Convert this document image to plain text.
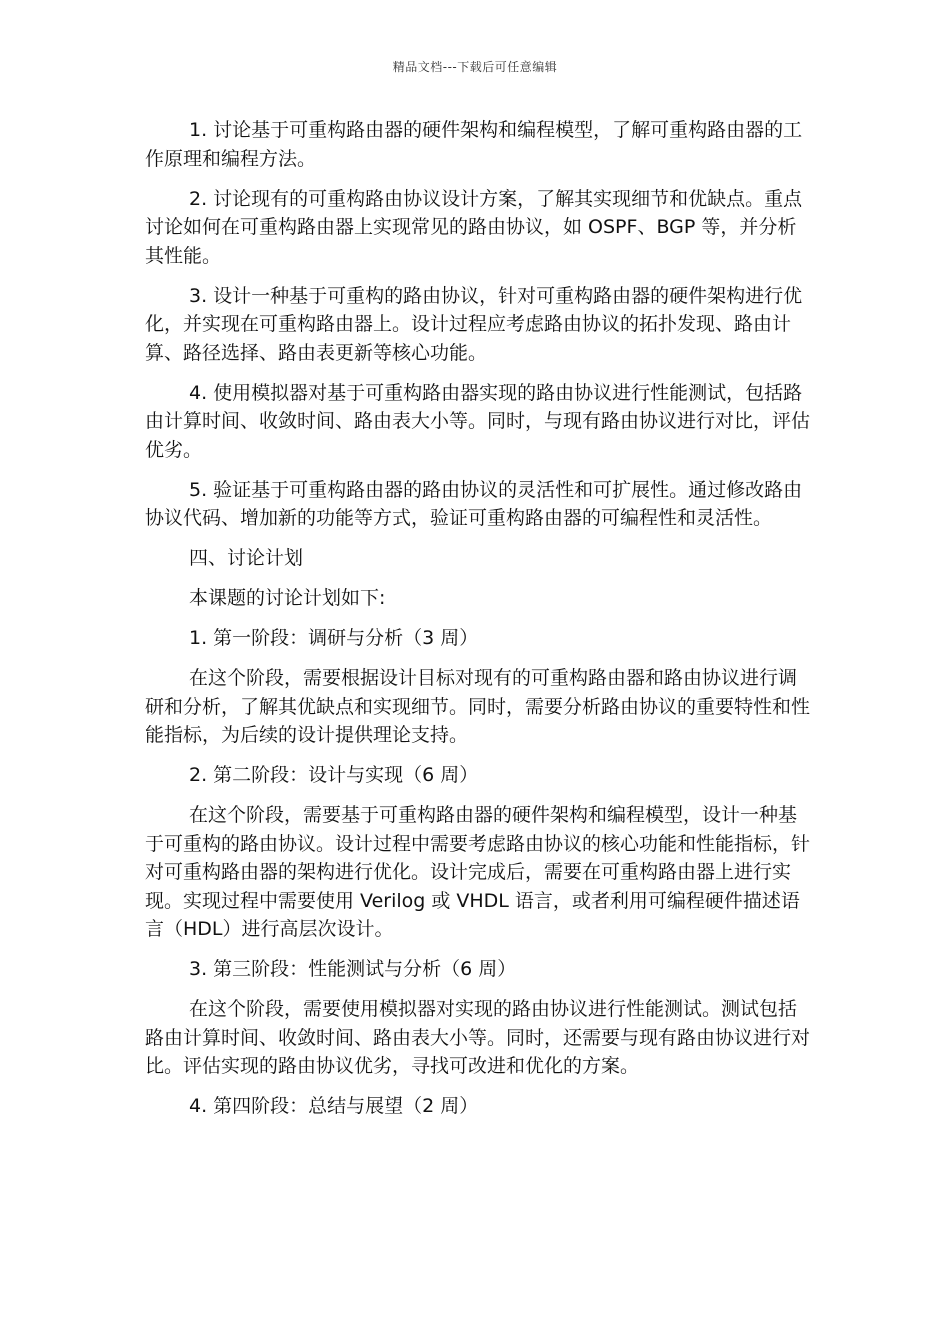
精品文档---下载后可任意编辑

1. 讨论基于可重构路由器的硬件架构和编程模型，了解可重构路由器的工作原理和编程方法。

2. 讨论现有的可重构路由协议设计方案，了解其实现细节和优缺点。重点讨论如何在可重构路由器上实现常见的路由协议，如 OSPF、BGP 等，并分析其性能。

3. 设计一种基于可重构的路由协议，针对可重构路由器的硬件架构进行优化，并实现在可重构路由器上。设计过程应考虑路由协议的拓扑发现、路由计算、路径选择、路由表更新等核心功能。

4. 使用模拟器对基于可重构路由器实现的路由协议进行性能测试，包括路由计算时间、收敛时间、路由表大小等。同时，与现有路由协议进行对比，评估优劣。

5. 验证基于可重构路由器的路由协议的灵活性和可扩展性。通过修改路由协议代码、增加新的功能等方式，验证可重构路由器的可编程性和灵活性。

四、讨论计划

本课题的讨论计划如下:

1. 第一阶段：调研与分析（3 周）

在这个阶段，需要根据设计目标对现有的可重构路由器和路由协议进行调研和分析，了解其优缺点和实现细节。同时，需要分析路由协议的重要特性和性能指标，为后续的设计提供理论支持。

2. 第二阶段：设计与实现（6 周）

在这个阶段，需要基于可重构路由器的硬件架构和编程模型，设计一种基于可重构的路由协议。设计过程中需要考虑路由协议的核心功能和性能指标，针对可重构路由器的架构进行优化。设计完成后，需要在可重构路由器上进行实现。实现过程中需要使用 Verilog 或 VHDL 语言，或者利用可编程硬件描述语言（HDL）进行高层次设计。

3. 第三阶段：性能测试与分析（6 周）

在这个阶段，需要使用模拟器对实现的路由协议进行性能测试。测试包括路由计算时间、收敛时间、路由表大小等。同时，还需要与现有路由协议进行对比。评估实现的路由协议优劣，寻找可改进和优化的方案。

4. 第四阶段：总结与展望（2 周）
